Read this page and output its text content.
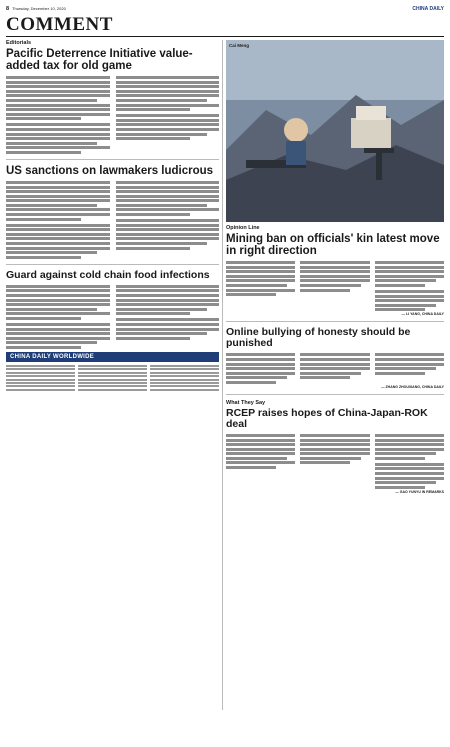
8 Thursday, December 10, 2020	CHINA DAILY
COMMENT
Editorials
Pacific Deterrence Initiative value-added tax for old game
US sanctions on lawmakers ludicrous
Guard against cold chain food infections
CHINA DAILY WORLDWIDE
Cai Meng
Opinion Line
Mining ban on officials' kin latest move in right direction
— LI YANG, CHINA DAILY
Online bullying of honesty should be punished
— ZHANG ZHOUXIANG, CHINA DAILY
What They Say
RCEP raises hopes of China-Japan-ROK deal
— GAO YUNYU IN REMARKS
